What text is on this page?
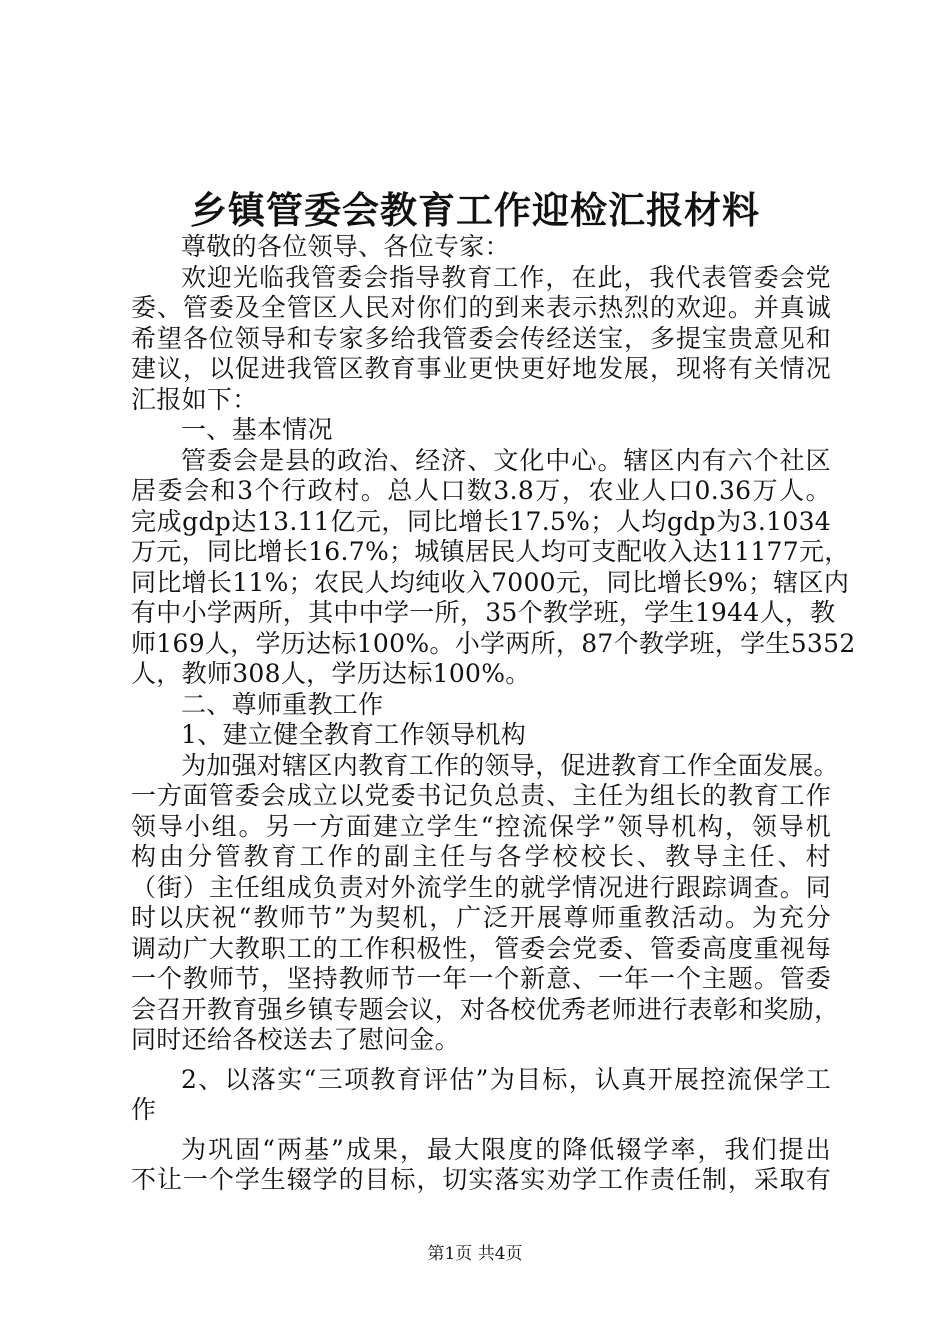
乡镇管委会教育工作迎检汇报材料
尊敬的各位领导、各位专家：
欢迎光临我管委会指导教育工作，在此，我代表管委会党
委、管委及全管区人民对你们的到来表示热烈的欢迎。并真诚
希望各位领导和专家多给我管委会传经送宝，多提宝贵意见和
建议，以促进我管区教育事业更快更好地发展，现将有关情况
汇报如下：
一、基本情况
管委会是县的政治、经济、文化中心。辖区内有六个社区
居委会和3个行政村。总人口数3.8万，农业人口0.36万人。
完成gdp达13.11亿元，同比增长17.5%；人均gdp为3.1034
万元，同比增长16.7%；城镇居民人均可支配收入达11177元，
同比增长11%；农民人均纯收入7000元，同比增长9%；辖区内
有中小学两所，其中中学一所，35个教学班，学生1944人，教
师169人，学历达标100%。小学两所，87个教学班，学生5352
人，教师308人，学历达标100%。
二、尊师重教工作
1、建立健全教育工作领导机构
为加强对辖区内教育工作的领导，促进教育工作全面发展。
一方面管委会成立以党委书记负总责、主任为组长的教育工作
领导小组。另一方面建立学生“控流保学”领导机构，领导机
构由分管教育工作的副主任与各学校校长、教导主任、村
（街）主任组成负责对外流学生的就学情况进行跟踪调查。同
时以庆祝“教师节”为契机，广泛开展尊师重教活动。为充分
调动广大教职工的工作积极性，管委会党委、管委高度重视每
一个教师节，坚持教师节一年一个新意、一年一个主题。管委
会召开教育强乡镇专题会议，对各校优秀老师进行表彰和奖励，
同时还给各校送去了慰问金。
2、以落实“三项教育评估”为目标，认真开展控流保学工
作
为巩固“两基”成果，最大限度的降低辍学率，我们提出
不让一个学生辍学的目标，切实落实劝学工作责任制，采取有
第1页 共4页
